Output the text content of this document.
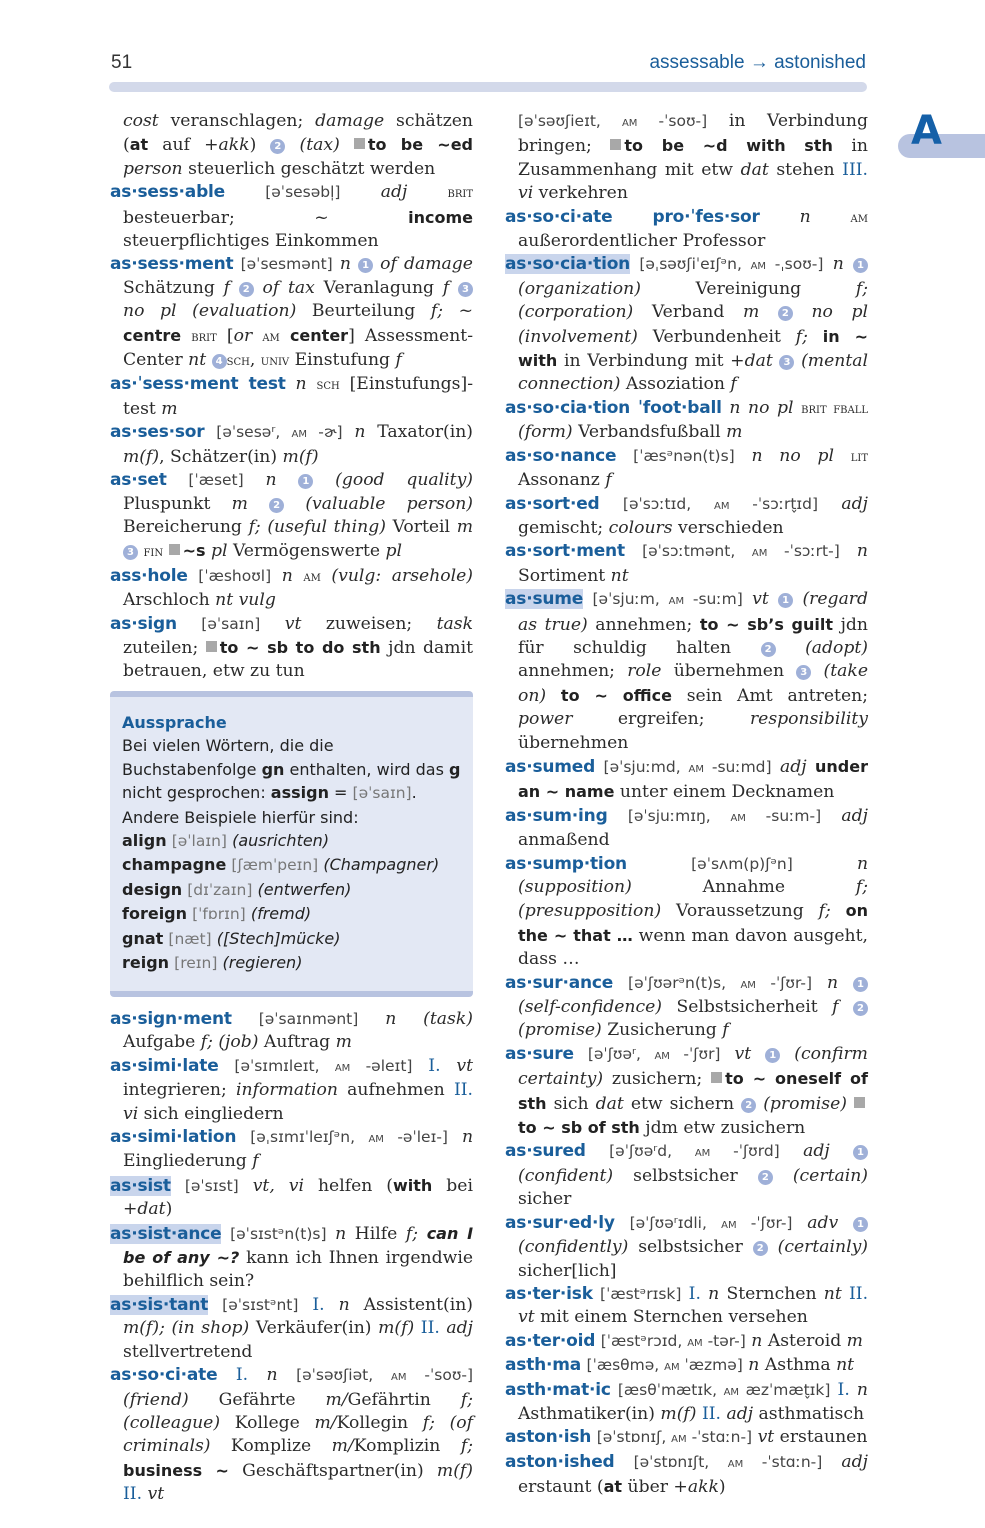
51	assessable → astonished
A

cost veranschlagen; damage schätzen (at auf +akk) 2 (tax) to be ~ed person steuerlich geschätzt werden

as·sess·able	[əˈsesəbl̩] adj	brit besteuerbar; ~ income steuerpflichtiges Einkommen

as·sess·ment [əˈsesmənt] n 1 of damage Schätzung f 2 of tax Veranlagung f 3 no pl (evaluation) Beurteilung f; ~ centre brit [or am center] Assessment-Center nt 4 sch, univ Einstufung f

as·ˈsess·ment test n sch [Einstufungs]-test m

as·ses·sor [əˈsesəʳ, am -ɚ] n Taxator(in) m(f), Schätzer(in) m(f)

as·set [ˈæset] n	1 (good quality) Pluspunkt m	2 (valuable person) Bereicherung f; (useful thing) Vorteil m 3 fin ~s pl Vermögenswerte pl

ass·hole [ˈæshoʊl] n am (vulg: arsehole) Arschloch nt vulg

as·sign [əˈsaɪn] vt zuweisen; task zuteilen; to ~ sb to do sth jdn damit betrauen, etw zu tun

Aussprache
Bei vielen Wörtern, die die Buchstabenfolge gn enthalten, wird das g nicht gesprochen: assign = [əˈsaɪn]. Andere Beispiele hierfür sind:
align [əˈlaɪn] (ausrichten)
champagne [ʃæmˈpeɪn] (Champagner)
design [dɪˈzaɪn] (entwerfen)
foreign [ˈfɒrɪn] (fremd)
gnat [næt] ([Stech]mücke)
reign [reɪn] (regieren)

as·sign·ment [əˈsaɪnmənt] n (task) Aufgabe f; (job) Auftrag m

as·simi·late [əˈsɪmɪleɪt, am -əleɪt] I. vt integrieren; information aufnehmen II. vi sich eingliedern

as·simi·lation [əˌsɪmɪˈleɪʃᵊn, am -əˈleɪ-] n Eingliederung f

as·sist [əˈsɪst] vt, vi helfen (with bei +dat)

as·sist·ance [əˈsɪstᵊn(t)s] n Hilfe f; can I be of any ~? kann ich Ihnen irgendwie behilflich sein?

as·sis·tant [əˈsɪstᵊnt] I. n Assistent(in) m(f); (in shop) Verkäufer(in) m(f) II. adj stellvertretend

as·so·ci·ate I. n [əˈsəʊʃiət, am -ˈsoʊ-] (friend) Gefährte m/Gefährtin f; (colleague) Kollege m/Kollegin f; (of criminals) Komplize m/Komplizin f; business ~ Geschäftspartner(in) m(f) II. vt

[əˈsəʊʃieɪt, am -ˈsoʊ-] in Verbindung bringen; to be ~d with sth in Zusammenhang mit etw dat stehen III. vi verkehren

as·so·ci·ate pro·ˈfes·sor n	am außerordentlicher Professor

as·so·cia·tion [əˌsəʊʃiˈeɪʃᵊn, am -ˌsoʊ-] n 1 (organization) Vereinigung f; (corporation) Verband m 2 no pl (involvement) Verbundenheit f; in ~ with in Verbindung mit +dat 3 (mental connection) Assoziation f

as·so·cia·tion ˈfoot·ball n no pl brit fball (form) Verbandsfußball m

as·so·nance [ˈæsᵊnən(t)s] n no pl lit Assonanz f

as·sort·ed [əˈsɔːtɪd, am -ˈsɔːrt̬ɪd] adj gemischt; colours verschieden

as·sort·ment [əˈsɔːtmənt, am -ˈsɔːrt-] n Sortiment nt

as·sume [əˈsjuːm, am -suːm] vt 1 (regard as true) annehmen; to ~ sb’s guilt jdn für schuldig halten 2 (adopt) annehmen; role übernehmen 3 (take on) to ~ office sein Amt antreten; power ergreifen; responsibility übernehmen

as·sumed [əˈsjuːmd, am -suːmd] adj under an ~ name unter einem Decknamen

as·sum·ing [əˈsjuːmɪŋ, am -suːm-] adj anmaßend

as·sump·tion	[əˈsʌm(p)ʃᵊn]	n (supposition) Annahme f; (presupposition) Voraussetzung f; on the ~ that … wenn man davon ausgeht, dass …

as·sur·ance [əˈʃʊərᵊn(t)s, am -ˈʃʊr-] n 1 (self-confidence) Selbstsicherheit f 2 (promise) Zusicherung f

as·sure [əˈʃʊəʳ, am -ˈʃʊr] vt 1 (confirm certainty) zusichern; to ~ oneself of sth sich dat etw sichern 2 (promise) to ~ sb of sth jdm etw zusichern

as·sured [əˈʃʊəʳd, am -ˈʃʊrd] adj	1 (confident) selbstsicher 2 (certain) sicher

as·sur·ed·ly [əˈʃʊəʳɪdli, am -ˈʃʊr-] adv 1 (confidently) selbstsicher 2 (certainly) sicher[lich]

as·ter·isk [ˈæstᵊrɪsk] I. n Sternchen nt II. vt mit einem Sternchen versehen

as·ter·oid [ˈæstᵊrɔɪd, am -tər-] n Asteroid m

asth·ma [ˈæsθmə, am ˈæzmə] n Asthma nt

asth·mat·ic [æsθˈmætɪk, am æzˈmæt̬ɪk] I. n Asthmatiker(in) m(f) II. adj asthmatisch

aston·ish [əˈstɒnɪʃ, am -ˈstɑːn-] vt erstaunen

aston·ished [əˈstɒnɪʃt, am -ˈstɑːn-] adj erstaunt (at über +akk)
